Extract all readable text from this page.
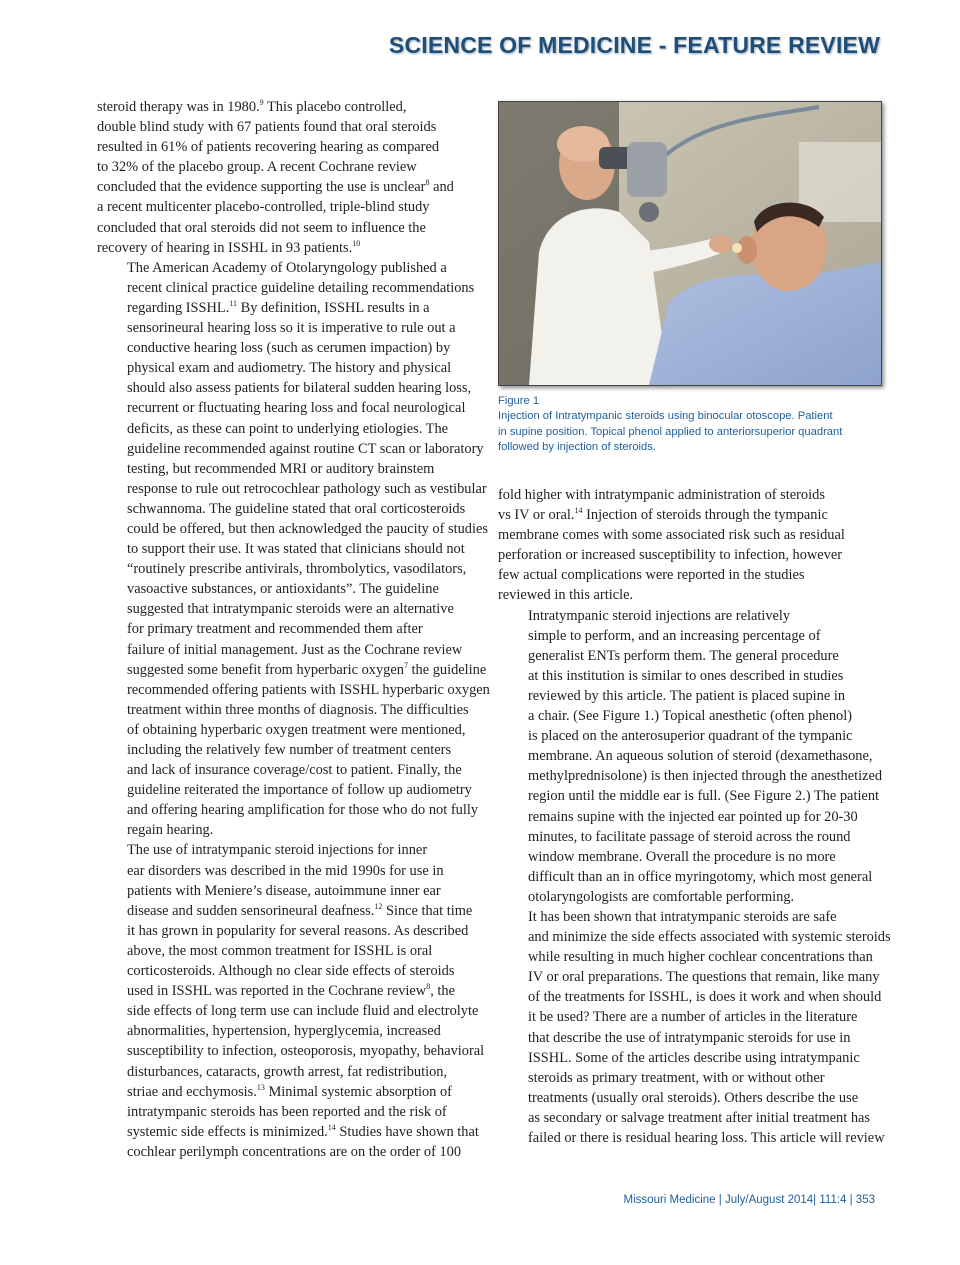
SCIENCE OF MEDICINE - FEATURE REVIEW

steroid therapy was in 1980.$^9$ This placebo controlled,
double blind study with 67 patients found that oral steroids
resulted in 61% of patients recovering hearing as compared
to 32% of the placebo group. A recent Cochrane review
concluded that the evidence supporting the use is unclear$^8$ and
a recent multicenter placebo-controlled, triple-blind study
concluded that oral steroids did not seem to influence the
recovery of hearing in ISSHL in 93 patients.$^{10}$

The American Academy of Otolaryngology published a
recent clinical practice guideline detailing recommendations
regarding ISSHL.$^{11}$ By definition, ISSHL results in a
sensorineural hearing loss so it is imperative to rule out a
conductive hearing loss (such as cerumen impaction) by
physical exam and audiometry. The history and physical
should also assess patients for bilateral sudden hearing loss,
recurrent or fluctuating hearing loss and focal neurological
deficits, as these can point to underlying etiologies. The
guideline recommended against routine CT scan or laboratory
testing, but recommended MRI or auditory brainstem
response to rule out retrocochlear pathology such as vestibular
schwannoma. The guideline stated that oral corticosteroids
could be offered, but then acknowledged the paucity of studies
to support their use. It was stated that clinicians should not
“routinely prescribe antivirals, thrombolytics, vasodilators,
vasoactive substances, or antioxidants”. The guideline
suggested that intratympanic steroids were an alternative
for primary treatment and recommended them after
failure of initial management. Just as the Cochrane review
suggested some benefit from hyperbaric oxygen$^7$ the guideline
recommended offering patients with ISSHL hyperbaric oxygen
treatment within three months of diagnosis. The difficulties
of obtaining hyperbaric oxygen treatment were mentioned,
including the relatively few number of treatment centers
and lack of insurance coverage/cost to patient. Finally, the
guideline reiterated the importance of follow up audiometry
and offering hearing amplification for those who do not fully
regain hearing.

The use of intratympanic steroid injections for inner
ear disorders was described in the mid 1990s for use in
patients with Meniere’s disease, autoimmune inner ear
disease and sudden sensorineural deafness.$^{12}$ Since that time
it has grown in popularity for several reasons. As described
above, the most common treatment for ISSHL is oral
corticosteroids. Although no clear side effects of steroids
used in ISSHL was reported in the Cochrane review$^8$, the
side effects of long term use can include fluid and electrolyte
abnormalities, hypertension, hyperglycemia, increased
susceptibility to infection, osteoporosis, myopathy, behavioral
disturbances, cataracts, growth arrest, fat redistribution,
striae and ecchymosis.$^{13}$ Minimal systemic absorption of
intratympanic steroids has been reported and the risk of
systemic side effects is minimized.$^{14}$ Studies have shown that
cochlear perilymph concentrations are on the order of 100

Figure 1
Injection of Intratympanic steroids using binocular otoscope. Patient
in supine position. Topical phenol applied to anteriorsuperior quadrant
followed by injection of steroids.

fold higher with intratympanic administration of steroids
vs IV or oral.$^{14}$ Injection of steroids through the tympanic
membrane comes with some associated risk such as residual
perforation or increased susceptibility to infection, however
few actual complications were reported in the studies
reviewed in this article.

Intratympanic steroid injections are relatively
simple to perform, and an increasing percentage of
generalist ENTs perform them. The general procedure
at this institution is similar to ones described in studies
reviewed by this article. The patient is placed supine in
a chair. (See Figure 1.) Topical anesthetic (often phenol)
is placed on the anterosuperior quadrant of the tympanic
membrane. An aqueous solution of steroid (dexamethasone,
methylprednisolone) is then injected through the anesthetized
region until the middle ear is full. (See Figure 2.) The patient
remains supine with the injected ear pointed up for 20-30
minutes, to facilitate passage of steroid across the round
window membrane. Overall the procedure is no more
difficult than an in office myringotomy, which most general
otolaryngologists are comfortable performing.

It has been shown that intratympanic steroids are safe
and minimize the side effects associated with systemic steroids
while resulting in much higher cochlear concentrations than
IV or oral preparations. The questions that remain, like many
of the treatments for ISSHL, is does it work and when should
it be used? There are a number of articles in the literature
that describe the use of intratympanic steroids for use in
ISSHL. Some of the articles describe using intratympanic
steroids as primary treatment, with or without other
treatments (usually oral steroids). Others describe the use
as secondary or salvage treatment after initial treatment has
failed or there is residual hearing loss. This article will review

Missouri Medicine | July/August 2014| 111:4 | 353
